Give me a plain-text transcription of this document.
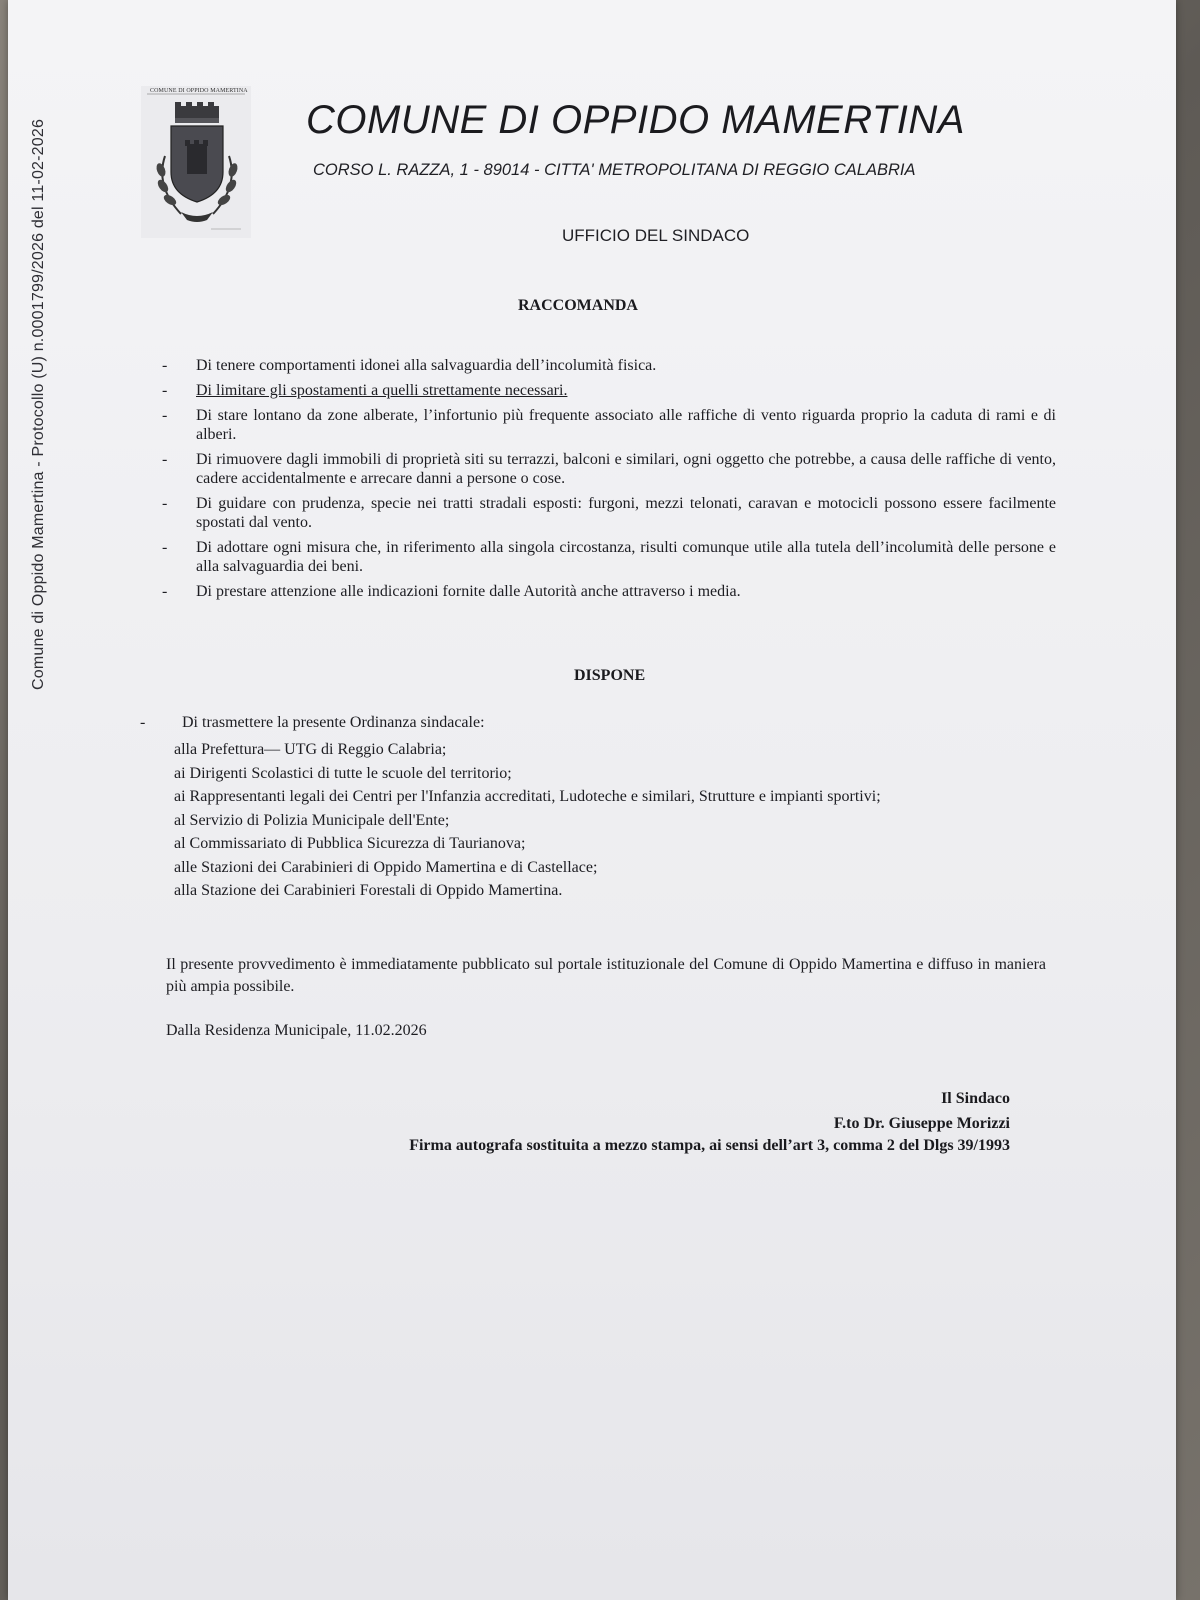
Comune di Oppido Mamertina - Protocollo (U) n.0001799/2026 del 11-02-2026
COMUNE DI OPPIDO MAMERTINA
COMUNE DI OPPIDO MAMERTINA
CORSO L. RAZZA, 1 - 89014 - CITTA' METROPOLITANA DI REGGIO CALABRIA
UFFICIO DEL SINDACO
RACCOMANDA
- Di tenere comportamenti idonei alla salvaguardia dell’incolumità fisica.
- Di limitare gli spostamenti a quelli strettamente necessari.
- Di stare lontano da zone alberate, l’infortunio più frequente associato alle raffiche di vento riguarda proprio la caduta di rami e di alberi.
- Di rimuovere dagli immobili di proprietà siti su terrazzi, balconi e similari, ogni oggetto che potrebbe, a causa delle raffiche di vento, cadere accidentalmente e arrecare danni a persone o cose.
- Di guidare con prudenza, specie nei tratti stradali esposti: furgoni, mezzi telonati, caravan e motocicli possono essere facilmente spostati dal vento.
- Di adottare ogni misura che, in riferimento alla singola circostanza, risulti comunque utile alla tutela dell’incolumità delle persone e alla salvaguardia dei beni.
- Di prestare attenzione alle indicazioni fornite dalle Autorità anche attraverso i media.
DISPONE
- Di trasmettere la presente Ordinanza sindacale:
alla Prefettura— UTG di Reggio Calabria;
ai Dirigenti Scolastici di tutte le scuole del territorio;
ai Rappresentanti legali dei Centri per l'Infanzia accreditati, Ludoteche e similari, Strutture e impianti sportivi;
al Servizio di Polizia Municipale dell'Ente;
al Commissariato di Pubblica Sicurezza di Taurianova;
alle Stazioni dei Carabinieri di Oppido Mamertina e di Castellace;
alla Stazione dei Carabinieri Forestali di Oppido Mamertina.
Il presente provvedimento è immediatamente pubblicato sul portale istituzionale del Comune di Oppido Mamertina e diffuso in maniera più ampia possibile.
Dalla Residenza Municipale, 11.02.2026
Il Sindaco
F.to Dr. Giuseppe Morizzi
Firma autografa sostituita a mezzo stampa, ai sensi dell’art 3, comma 2 del Dlgs 39/1993
